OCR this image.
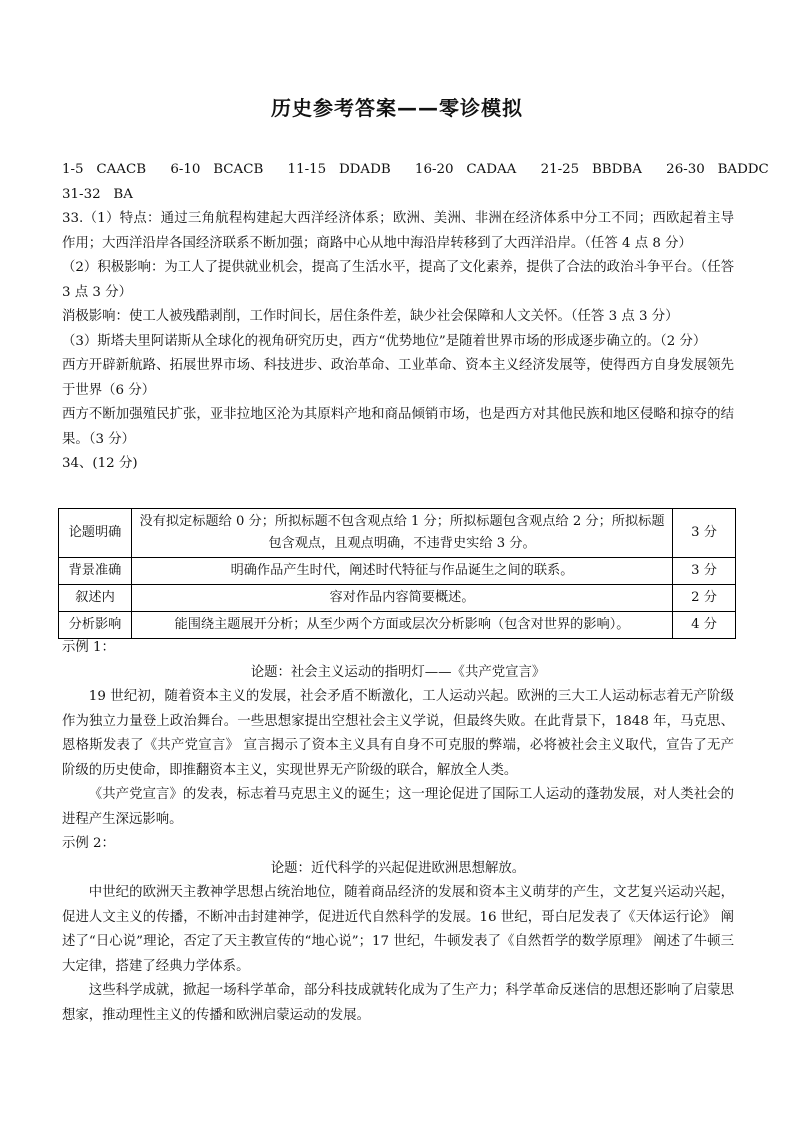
历史参考答案——零诊模拟
1-5 CAACB 6-10 BCACB 11-15 DDADB 16-20 CADAA 21-25 BBDBA 26-30 BADDC
31-32 BA
33.（1）特点：通过三角航程构建起大西洋经济体系；欧洲、美洲、非洲在经济体系中分工不同；西欧起着主导作用；大西洋沿岸各国经济联系不断加强；商路中心从地中海沿岸转移到了大西洋沿岸。（任答 4 点 8 分）
（2）积极影响：为工人了提供就业机会，提高了生活水平，提高了文化素养，提供了合法的政治斗争平台。（任答 3 点 3 分）
消极影响：使工人被残酷剥削，工作时间长，居住条件差，缺少社会保障和人文关怀。（任答 3 点 3 分）
（3）斯塔夫里阿诺斯从全球化的视角研究历史，西方“优势地位”是随着世界市场的形成逐步确立的。（2 分）
西方开辟新航路、拓展世界市场、科技进步、政治革命、工业革命、资本主义经济发展等，使得西方自身发展领先于世界（6 分）
西方不断加强殖民扩张，亚非拉地区沦为其原料产地和商品倾销市场，也是西方对其他民族和地区侵略和掠夺的结果。（3 分）
34、(12 分)
论题明确	没有拟定标题给 0 分；所拟标题不包含观点给 1 分；所拟标题包含观点给 2 分；所拟标题包含观点，且观点明确，不违背史实给 3 分。	3 分
背景准确	明确作品产生时代，阐述时代特征与作品诞生之间的联系。	3 分
叙述内	容对作品内容简要概述。	2 分
分析影响	能围绕主题展开分析；从至少两个方面或层次分析影响（包含对世界的影响）。	4 分
示例 1：
论题：社会主义运动的指明灯——《共产党宣言》
19 世纪初，随着资本主义的发展，社会矛盾不断激化，工人运动兴起。欧洲的三大工人运动标志着无产阶级作为独立力量登上政治舞台。一些思想家提出空想社会主义学说，但最终失败。在此背景下，1848 年，马克思、恩格斯发表了《共产党宣言》 宣言揭示了资本主义具有自身不可克服的弊端，必将被社会主义取代，宣告了无产阶级的历史使命，即推翻资本主义，实现世界无产阶级的联合，解放全人类。
《共产党宣言》的发表，标志着马克思主义的诞生；这一理论促进了国际工人运动的蓬勃发展，对人类社会的进程产生深远影响。
示例 2：
论题：近代科学的兴起促进欧洲思想解放。
中世纪的欧洲天主教神学思想占统治地位，随着商品经济的发展和资本主义萌芽的产生，文艺复兴运动兴起，促进人文主义的传播，不断冲击封建神学，促进近代自然科学的发展。16 世纪，哥白尼发表了《天体运行论》 阐述了“日心说”理论，否定了天主教宣传的“地心说”；17 世纪，牛顿发表了《自然哲学的数学原理》 阐述了牛顿三大定律，搭建了经典力学体系。
这些科学成就，掀起一场科学革命，部分科技成就转化成为了生产力；科学革命反迷信的思想还影响了启蒙思想家，推动理性主义的传播和欧洲启蒙运动的发展。
